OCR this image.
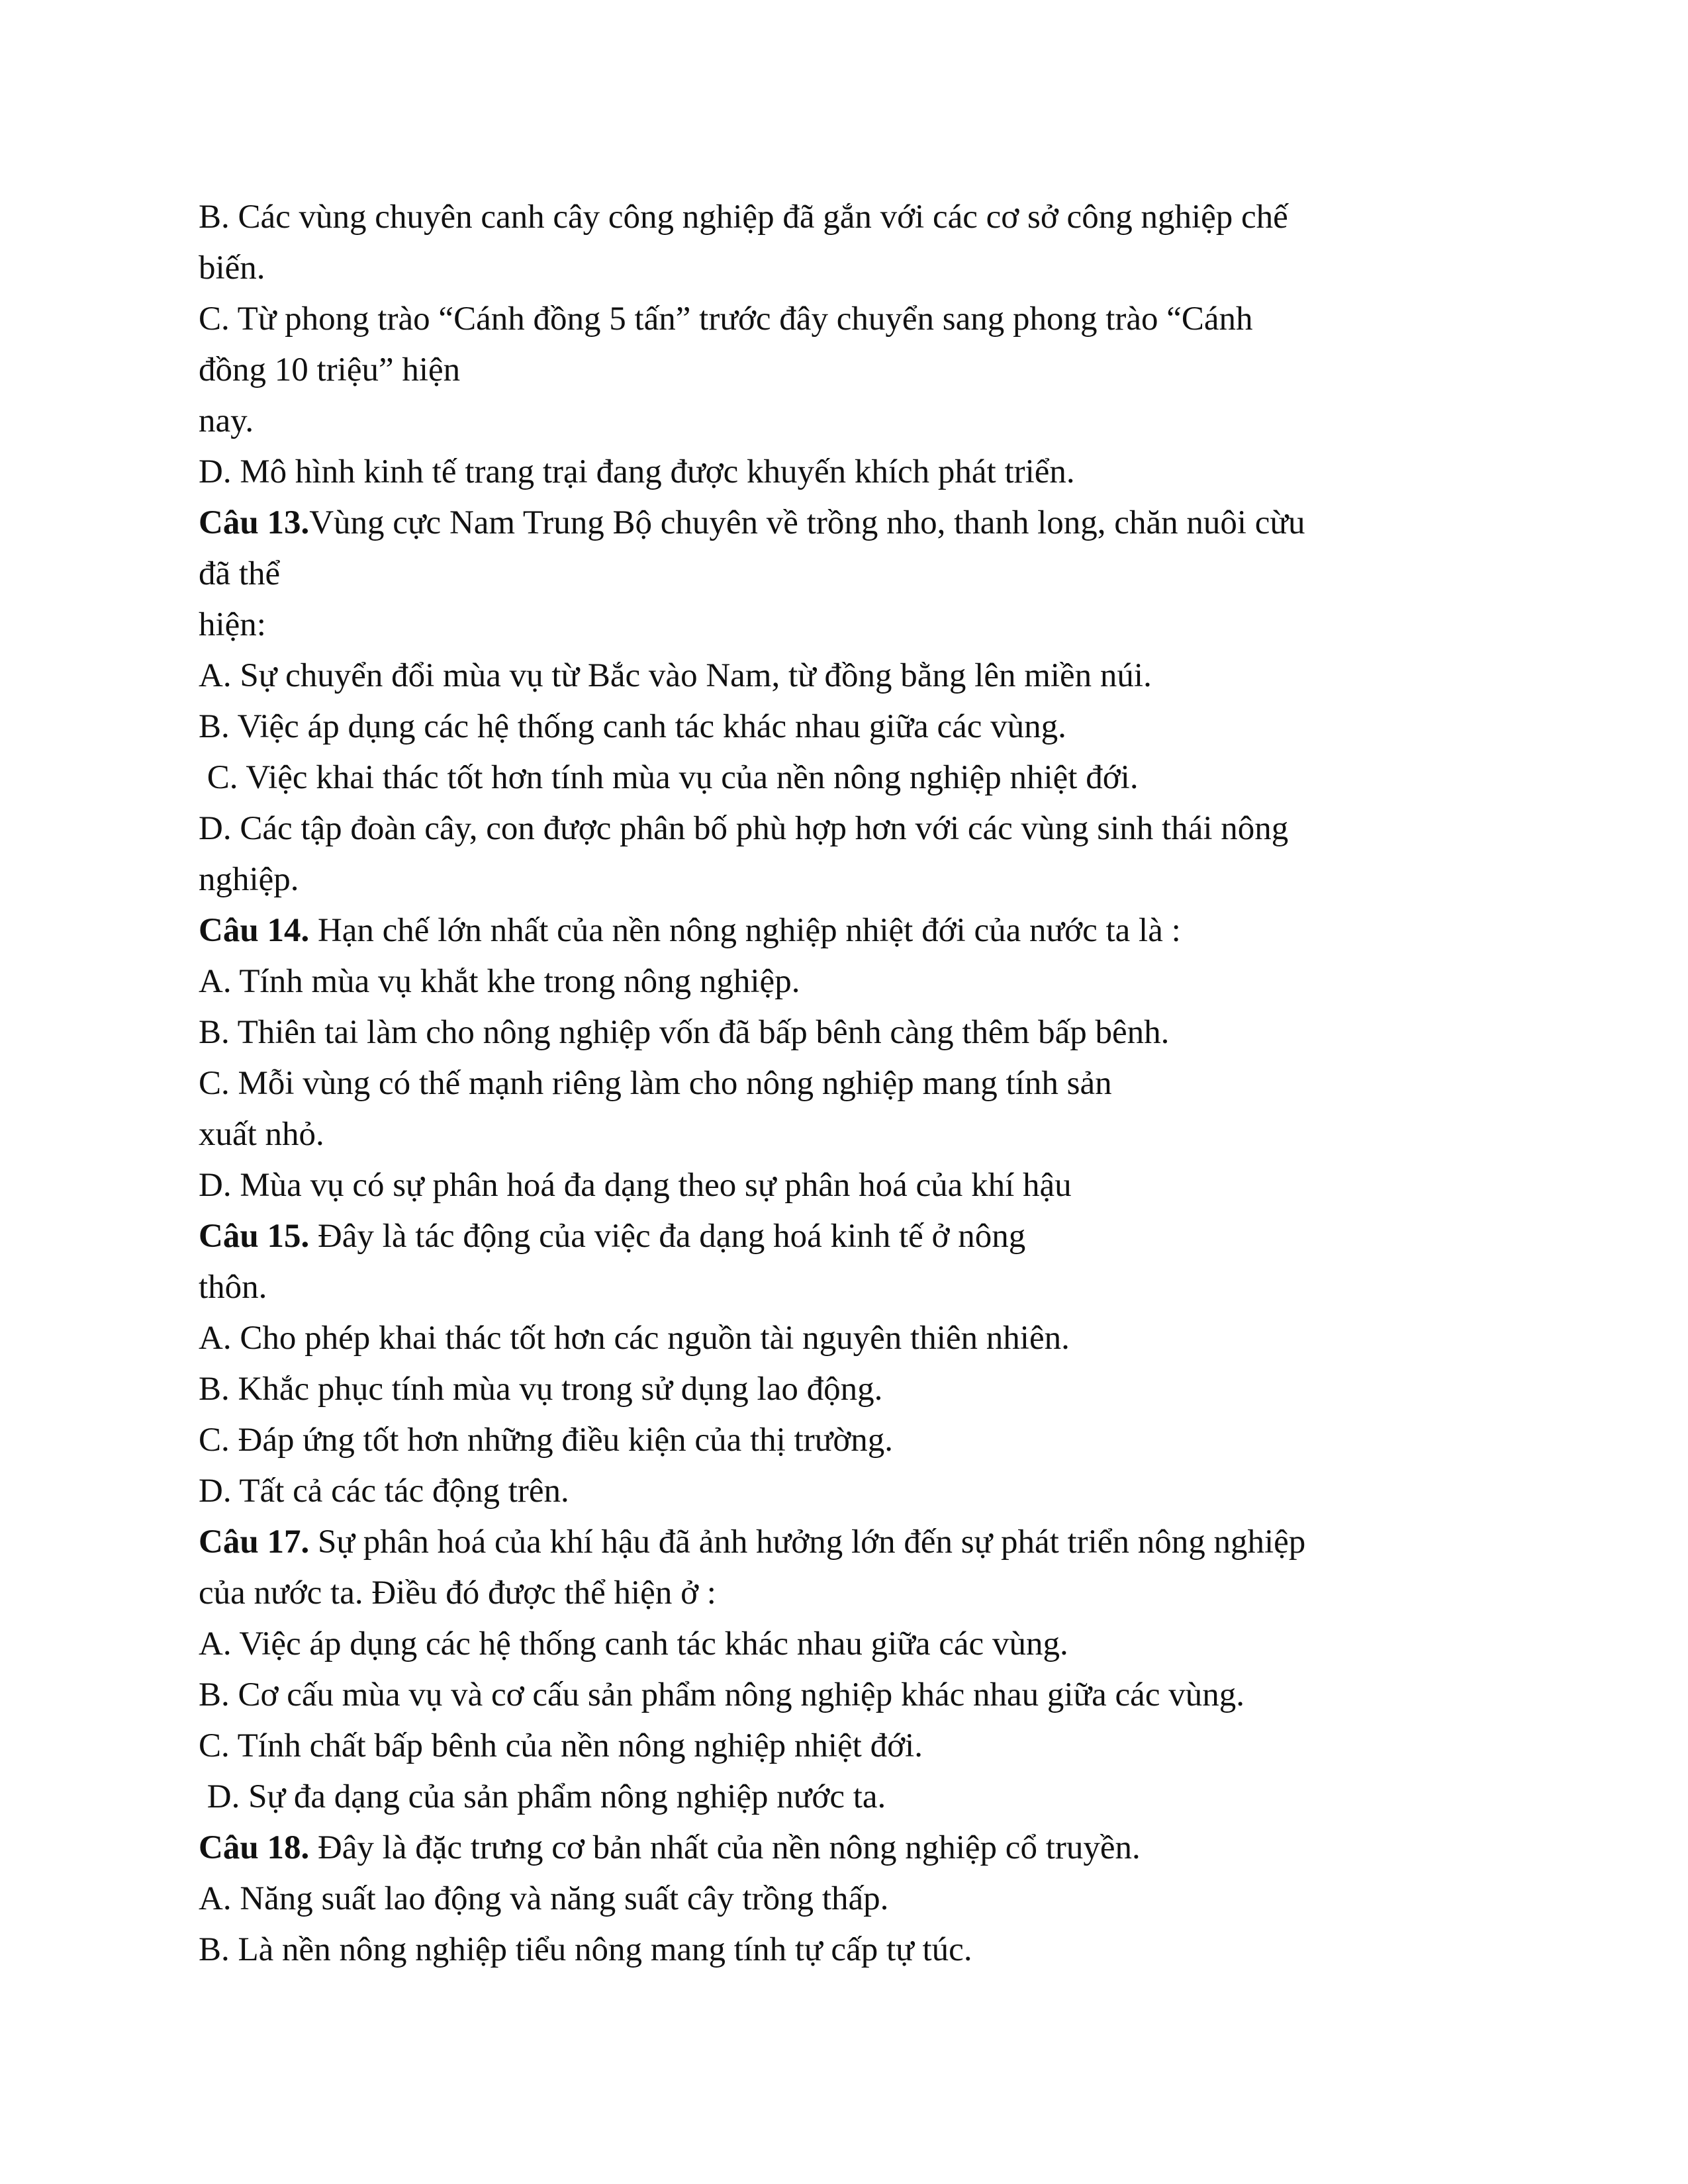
B. Các vùng chuyên canh cây công nghiệp đã gắn với các cơ sở công nghiệp chế
biến.
C. Từ phong trào “Cánh đồng 5 tấn” trước đây chuyển sang phong trào “Cánh
đồng 10 triệu” hiện
nay.
D. Mô hình kinh tế trang trại đang được khuyến khích phát triển.
Câu 13.Vùng cực Nam Trung Bộ chuyên về trồng nho, thanh long, chăn nuôi cừu
đã thể
hiện:
A. Sự chuyển đổi mùa vụ từ Bắc vào Nam, từ đồng bằng lên miền núi.
B. Việc áp dụng các hệ thống canh tác khác nhau giữa các vùng.
C. Việc khai thác tốt hơn tính mùa vụ của nền nông nghiệp nhiệt đới.
D. Các tập đoàn cây, con được phân bố phù hợp hơn với các vùng sinh thái nông
nghiệp.
Câu 14. Hạn chế lớn nhất của nền nông nghiệp nhiệt đới của nước ta là :
A. Tính mùa vụ khắt khe trong nông nghiệp.
B. Thiên tai làm cho nông nghiệp vốn đã bấp bênh càng thêm bấp bênh.
C. Mỗi vùng có thế mạnh riêng làm cho nông nghiệp mang tính sản
xuất nhỏ.
D. Mùa vụ có sự phân hoá đa dạng theo sự phân hoá của khí hậu
Câu 15. Đây là tác động của việc đa dạng hoá kinh tế ở nông
thôn.
A. Cho phép khai thác tốt hơn các nguồn tài nguyên thiên nhiên.
B. Khắc phục tính mùa vụ trong sử dụng lao động.
C. Đáp ứng tốt hơn những điều kiện của thị trường.
D. Tất cả các tác động trên.
Câu 17. Sự phân hoá của khí hậu đã ảnh hưởng lớn đến sự phát triển nông nghiệp
của nước ta. Điều đó được thể hiện ở :
A. Việc áp dụng các hệ thống canh tác khác nhau giữa các vùng.
B. Cơ cấu mùa vụ và cơ cấu sản phẩm nông nghiệp khác nhau giữa các vùng.
C. Tính chất bấp bênh của nền nông nghiệp nhiệt đới.
D. Sự đa dạng của sản phẩm nông nghiệp nước ta.
Câu 18. Đây là đặc trưng cơ bản nhất của nền nông nghiệp cổ truyền.
A. Năng suất lao động và năng suất cây trồng thấp.
B. Là nền nông nghiệp tiểu nông mang tính tự cấp tự túc.
